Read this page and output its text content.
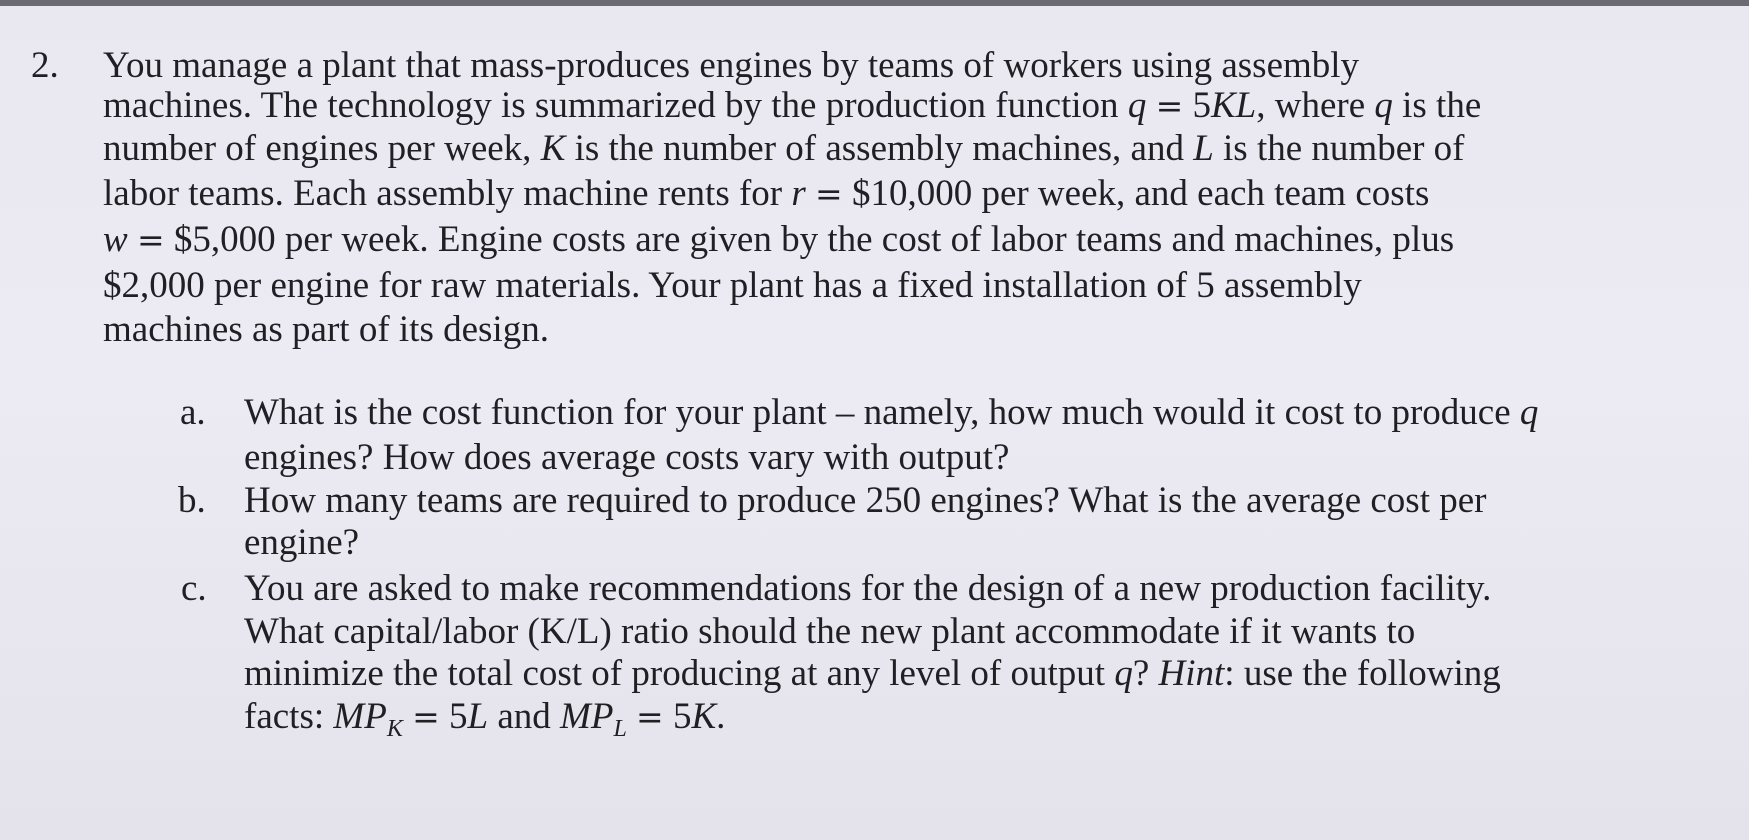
2. You manage a plant that mass-produces engines by teams of workers using assembly
machines. The technology is summarized by the production function q = 5KL, where q is the
number of engines per week, K is the number of assembly machines, and L is the number of
labor teams. Each assembly machine rents for r = $10,000 per week, and each team costs
w = $5,000 per week. Engine costs are given by the cost of labor teams and machines, plus
$2,000 per engine for raw materials. Your plant has a fixed installation of 5 assembly
machines as part of its design.
a. What is the cost function for your plant – namely, how much would it cost to produce q
engines? How does average costs vary with output?
b. How many teams are required to produce 250 engines? What is the average cost per
engine?
c. You are asked to make recommendations for the design of a new production facility.
What capital/labor (K/L) ratio should the new plant accommodate if it wants to
minimize the total cost of producing at any level of output q? Hint: use the following
facts: $MP_K = 5L$ and $MP_L = 5K$.
